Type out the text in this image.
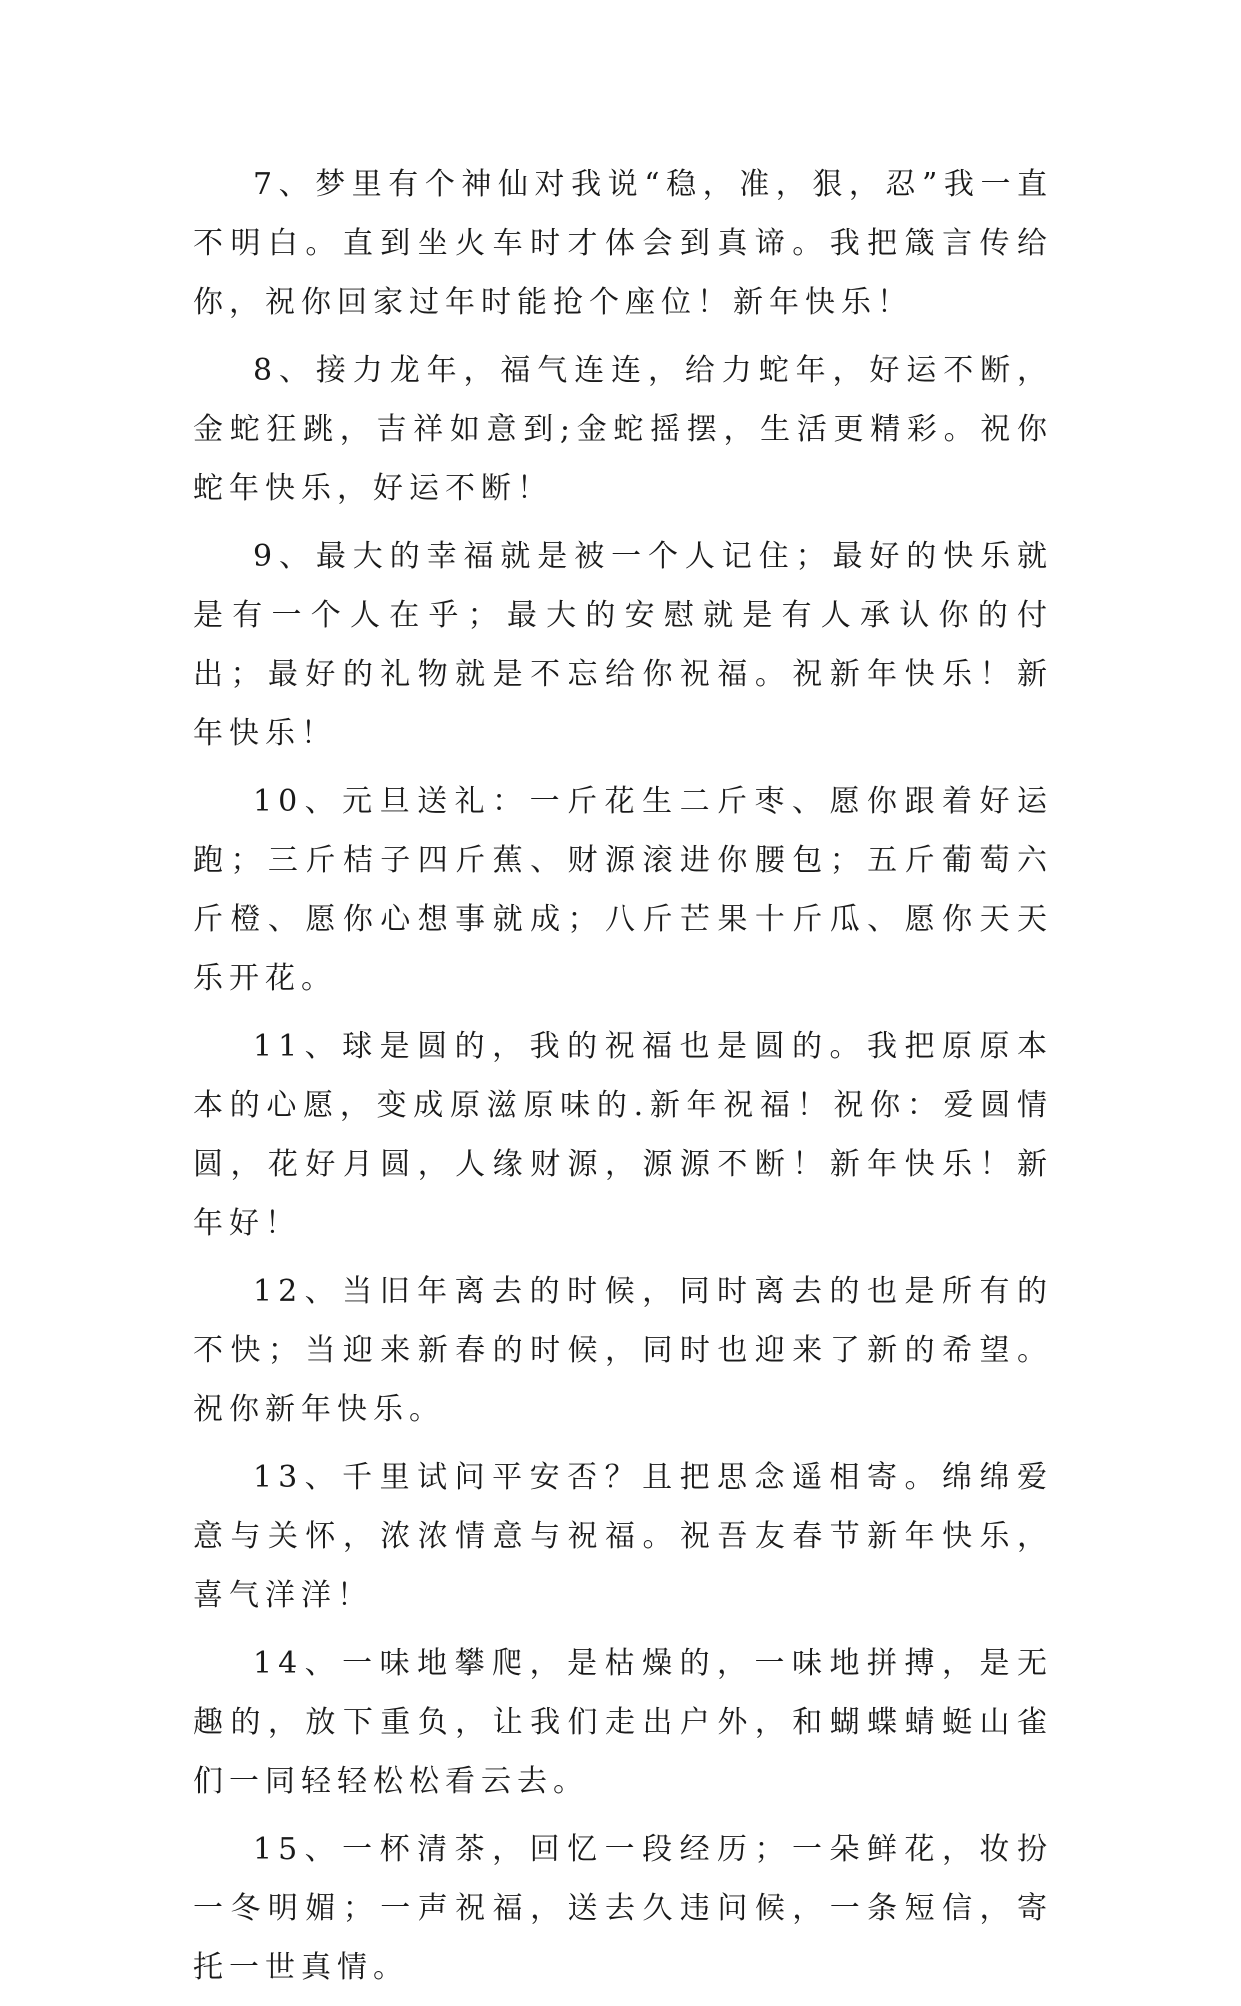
7、梦里有个神仙对我说“稳，准，狠，忍”我一直不明白。直到坐火车时才体会到真谛。我把箴言传给你，祝你回家过年时能抢个座位！新年快乐！

8、接力龙年，福气连连，给力蛇年，好运不断，金蛇狂跳，吉祥如意到;金蛇摇摆，生活更精彩。祝你蛇年快乐，好运不断！

9、最大的幸福就是被一个人记住；最好的快乐就是有一个人在乎；最大的安慰就是有人承认你的付出；最好的礼物就是不忘给你祝福。祝新年快乐！新年快乐！

10、元旦送礼：一斤花生二斤枣、愿你跟着好运跑；三斤桔子四斤蕉、财源滚进你腰包；五斤葡萄六斤橙、愿你心想事就成；八斤芒果十斤瓜、愿你天天乐开花。

11、球是圆的，我的祝福也是圆的。我把原原本本的心愿，变成原滋原味的.新年祝福！祝你：爱圆情圆，花好月圆，人缘财源，源源不断！新年快乐！新年好！

12、当旧年离去的时候，同时离去的也是所有的不快；当迎来新春的时候，同时也迎来了新的希望。祝你新年快乐。

13、千里试问平安否？且把思念遥相寄。绵绵爱意与关怀，浓浓情意与祝福。祝吾友春节新年快乐，喜气洋洋！

14、一味地攀爬，是枯燥的，一味地拼搏，是无趣的，放下重负，让我们走出户外，和蝴蝶蜻蜓山雀们一同轻轻松松看云去。

15、一杯清茶，回忆一段经历；一朵鲜花，妆扮一冬明媚；一声祝福，送去久违问候，一条短信，寄托一世真情。
